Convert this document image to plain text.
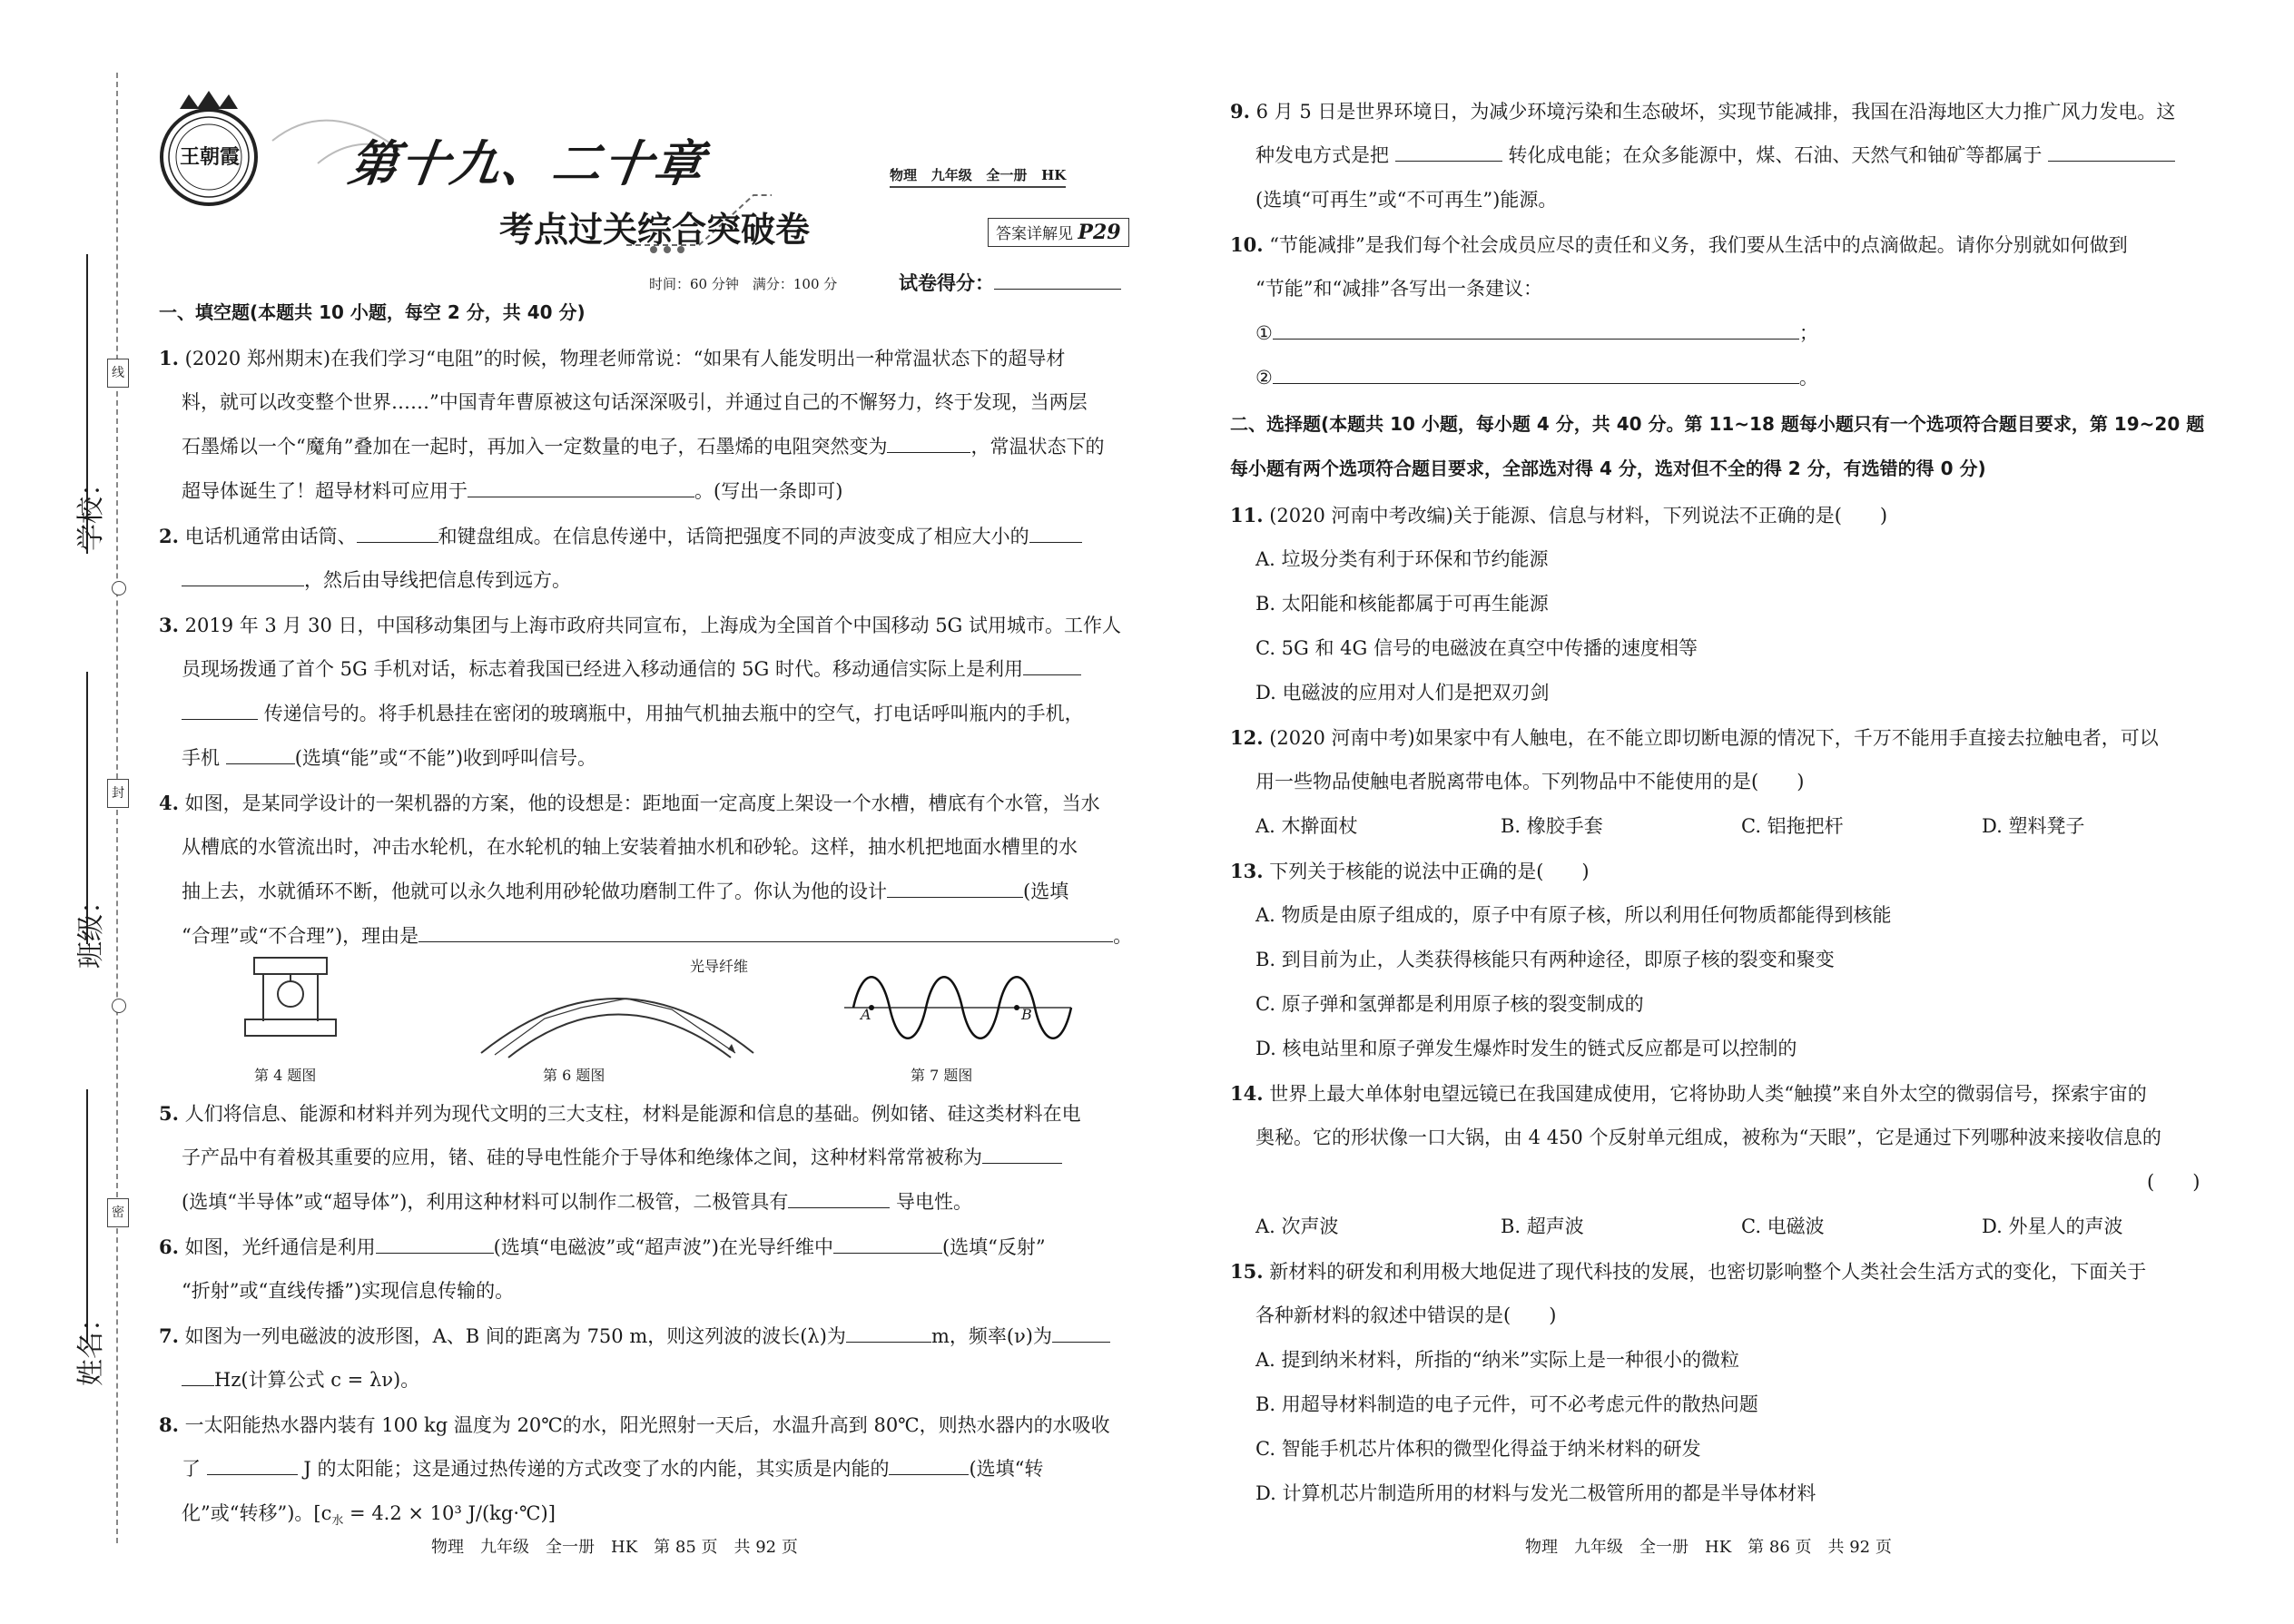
学校：
班级：
姓名：
线
封
密
王朝霞 第十九、二十章
考点过关综合突破卷
物理 九年级 全一册 HK
答案详解见 P29
时间：60 分钟　满分：100 分	试卷得分：
一、填空题(本题共 10 小题，每空 2 分，共 40 分)
1. (2020 郑州期末)在我们学习“电阻”的时候，物理老师常说：“如果有人能发明出一种常温状态下的超导材
料，就可以改变整个世界……”中国青年曹原被这句话深深吸引，并通过自己的不懈努力，终于发现，当两层
石墨烯以一个“魔角”叠加在一起时，再加入一定数量的电子，石墨烯的电阻突然变为	，常温状态下的
超导体诞生了！超导材料可应用于	。(写出一条即可)
2. 电话机通常由话筒、	和键盘组成。在信息传递中，话筒把强度不同的声波变成了相应大小的
，然后由导线把信息传到远方。
3. 2019 年 3 月 30 日，中国移动集团与上海市政府共同宣布，上海成为全国首个中国移动 5G 试用城市。工作人
员现场拨通了首个 5G 手机对话，标志着我国已经进入移动通信的 5G 时代。移动通信实际上是利用
传递信号的。将手机悬挂在密闭的玻璃瓶中，用抽气机抽去瓶中的空气，打电话呼叫瓶内的手机，
手机	(选填“能”或“不能”)收到呼叫信号。
4. 如图，是某同学设计的一架机器的方案，他的设想是：距地面一定高度上架设一个水槽，槽底有个水管，当水
从槽底的水管流出时，冲击水轮机，在水轮机的轴上安装着抽水机和砂轮。这样，抽水机把地面水槽里的水
抽上去，水就循环不断，他就可以永久地利用砂轮做功磨制工件了。你认为他的设计	(选填
“合理”或“不合理”)，理由是	。
第 4 题图
光导纤维
第 6 题图
A	B
第 7 题图
5. 人们将信息、能源和材料并列为现代文明的三大支柱，材料是能源和信息的基础。例如锗、硅这类材料在电
子产品中有着极其重要的应用，锗、硅的导电性能介于导体和绝缘体之间，这种材料常常被称为
(选填“半导体”或“超导体”)，利用这种材料可以制作二极管，二极管具有	导电性。
6. 如图，光纤通信是利用	(选填“电磁波”或“超声波”)在光导纤维中	(选填“反射”
“折射”或“直线传播”)实现信息传输的。
7. 如图为一列电磁波的波形图，A、B 间的距离为 750 m，则这列波的波长(λ)为	m，频率(ν)为
Hz(计算公式 c = λν)。
8. 一太阳能热水器内装有 100 kg 温度为 20℃的水，阳光照射一天后，水温升高到 80℃，则热水器内的水吸收
了	J 的太阳能；这是通过热传递的方式改变了水的内能，其实质是内能的	(选填“转
化”或“转移”)。[$c_水 = 4.2 \times 10^3$ J/(kg·℃)]
物理　九年级　全一册　HK　第 85 页　共 92 页
9. 6 月 5 日是世界环境日，为减少环境污染和生态破坏，实现节能减排，我国在沿海地区大力推广风力发电。这
种发电方式是把	转化成电能；在众多能源中，煤、石油、天然气和铀矿等都属于
(选填“可再生”或“不可再生”)能源。
10. “节能减排”是我们每个社会成员应尽的责任和义务，我们要从生活中的点滴做起。请你分别就如何做到
“节能”和“减排”各写出一条建议：
①	；
②	。
二、选择题(本题共 10 小题，每小题 4 分，共 40 分。第 11~18 题每小题只有一个选项符合题目要求，第 19~20 题
每小题有两个选项符合题目要求，全部选对得 4 分，选对但不全的得 2 分，有选错的得 0 分)
11. (2020 河南中考改编)关于能源、信息与材料，下列说法不正确的是(　　)
A. 垃圾分类有利于环保和节约能源
B. 太阳能和核能都属于可再生能源
C. 5G 和 4G 信号的电磁波在真空中传播的速度相等
D. 电磁波的应用对人们是把双刃剑
12. (2020 河南中考)如果家中有人触电，在不能立即切断电源的情况下，千万不能用手直接去拉触电者，可以
用一些物品使触电者脱离带电体。下列物品中不能使用的是(　　)
A. 木擀面杖	B. 橡胶手套	C. 铝拖把杆	D. 塑料凳子
13. 下列关于核能的说法中正确的是(　　)
A. 物质是由原子组成的，原子中有原子核，所以利用任何物质都能得到核能
B. 到目前为止，人类获得核能只有两种途径，即原子核的裂变和聚变
C. 原子弹和氢弹都是利用原子核的裂变制成的
D. 核电站里和原子弹发生爆炸时发生的链式反应都是可以控制的
14. 世界上最大单体射电望远镜已在我国建成使用，它将协助人类“触摸”来自外太空的微弱信号，探索宇宙的
奥秘。它的形状像一口大锅，由 4 450 个反射单元组成，被称为“天眼”，它是通过下列哪种波来接收信息的
(　　)
A. 次声波	B. 超声波	C. 电磁波	D. 外星人的声波
15. 新材料的研发和利用极大地促进了现代科技的发展，也密切影响整个人类社会生活方式的变化，下面关于
各种新材料的叙述中错误的是(　　)
A. 提到纳米材料，所指的“纳米”实际上是一种很小的微粒
B. 用超导材料制造的电子元件，可不必考虑元件的散热问题
C. 智能手机芯片体积的微型化得益于纳米材料的研发
D. 计算机芯片制造所用的材料与发光二极管所用的都是半导体材料
物理　九年级　全一册　HK　第 86 页　共 92 页
